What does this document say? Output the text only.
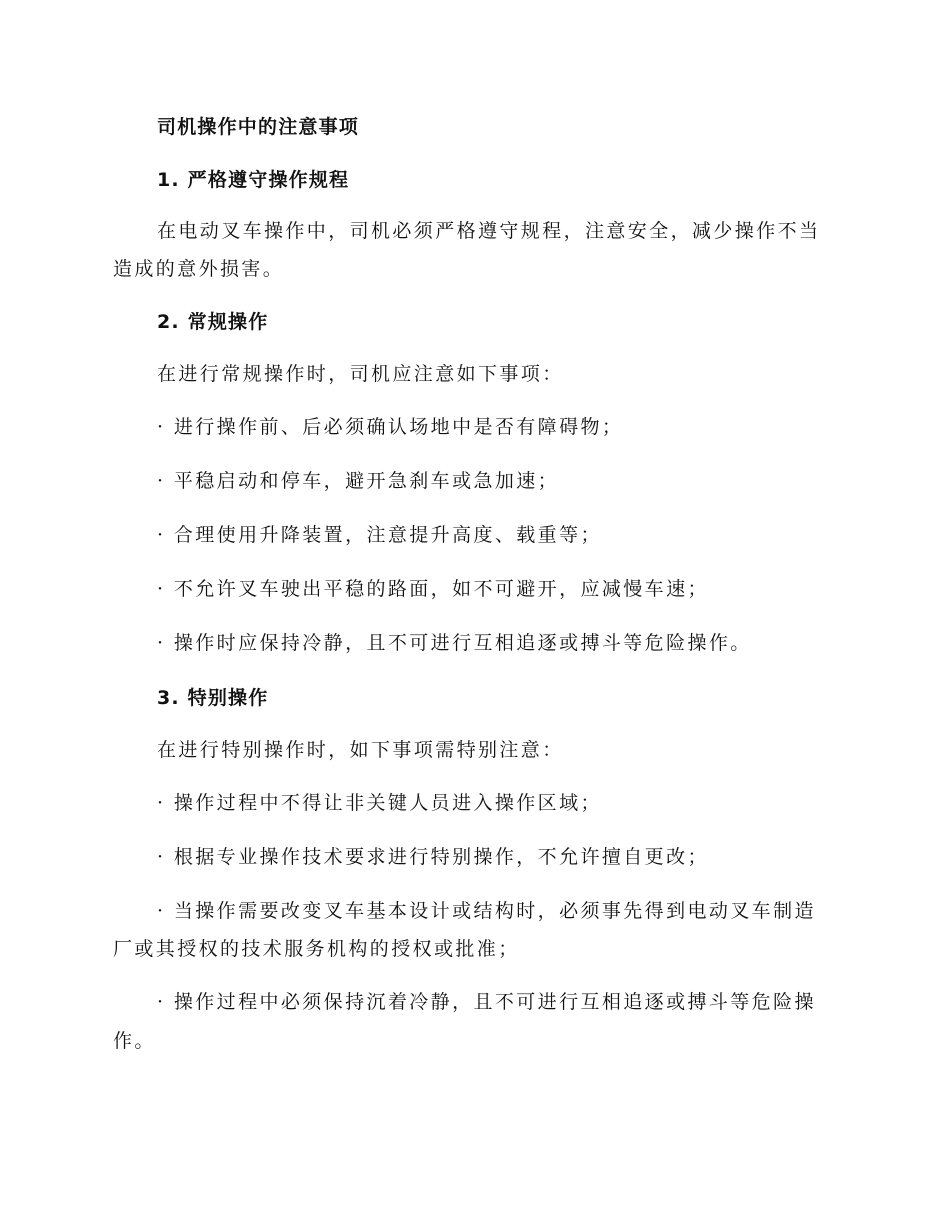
司机操作中的注意事项
1. 严格遵守操作规程
在电动叉车操作中，司机必须严格遵守规程，注意安全，减少操作不当
造成的意外损害。
2. 常规操作
在进行常规操作时，司机应注意如下事项：
· 进行操作前、后必须确认场地中是否有障碍物；
· 平稳启动和停车，避开急刹车或急加速；
· 合理使用升降装置，注意提升高度、载重等；
· 不允许叉车驶出平稳的路面，如不可避开，应减慢车速；
· 操作时应保持冷静，且不可进行互相追逐或搏斗等危险操作。
3. 特别操作
在进行特别操作时，如下事项需特别注意：
· 操作过程中不得让非关键人员进入操作区域；
· 根据专业操作技术要求进行特别操作，不允许擅自更改；
· 当操作需要改变叉车基本设计或结构时，必须事先得到电动叉车制造
厂或其授权的技术服务机构的授权或批准；
· 操作过程中必须保持沉着冷静，且不可进行互相追逐或搏斗等危险操
作。
